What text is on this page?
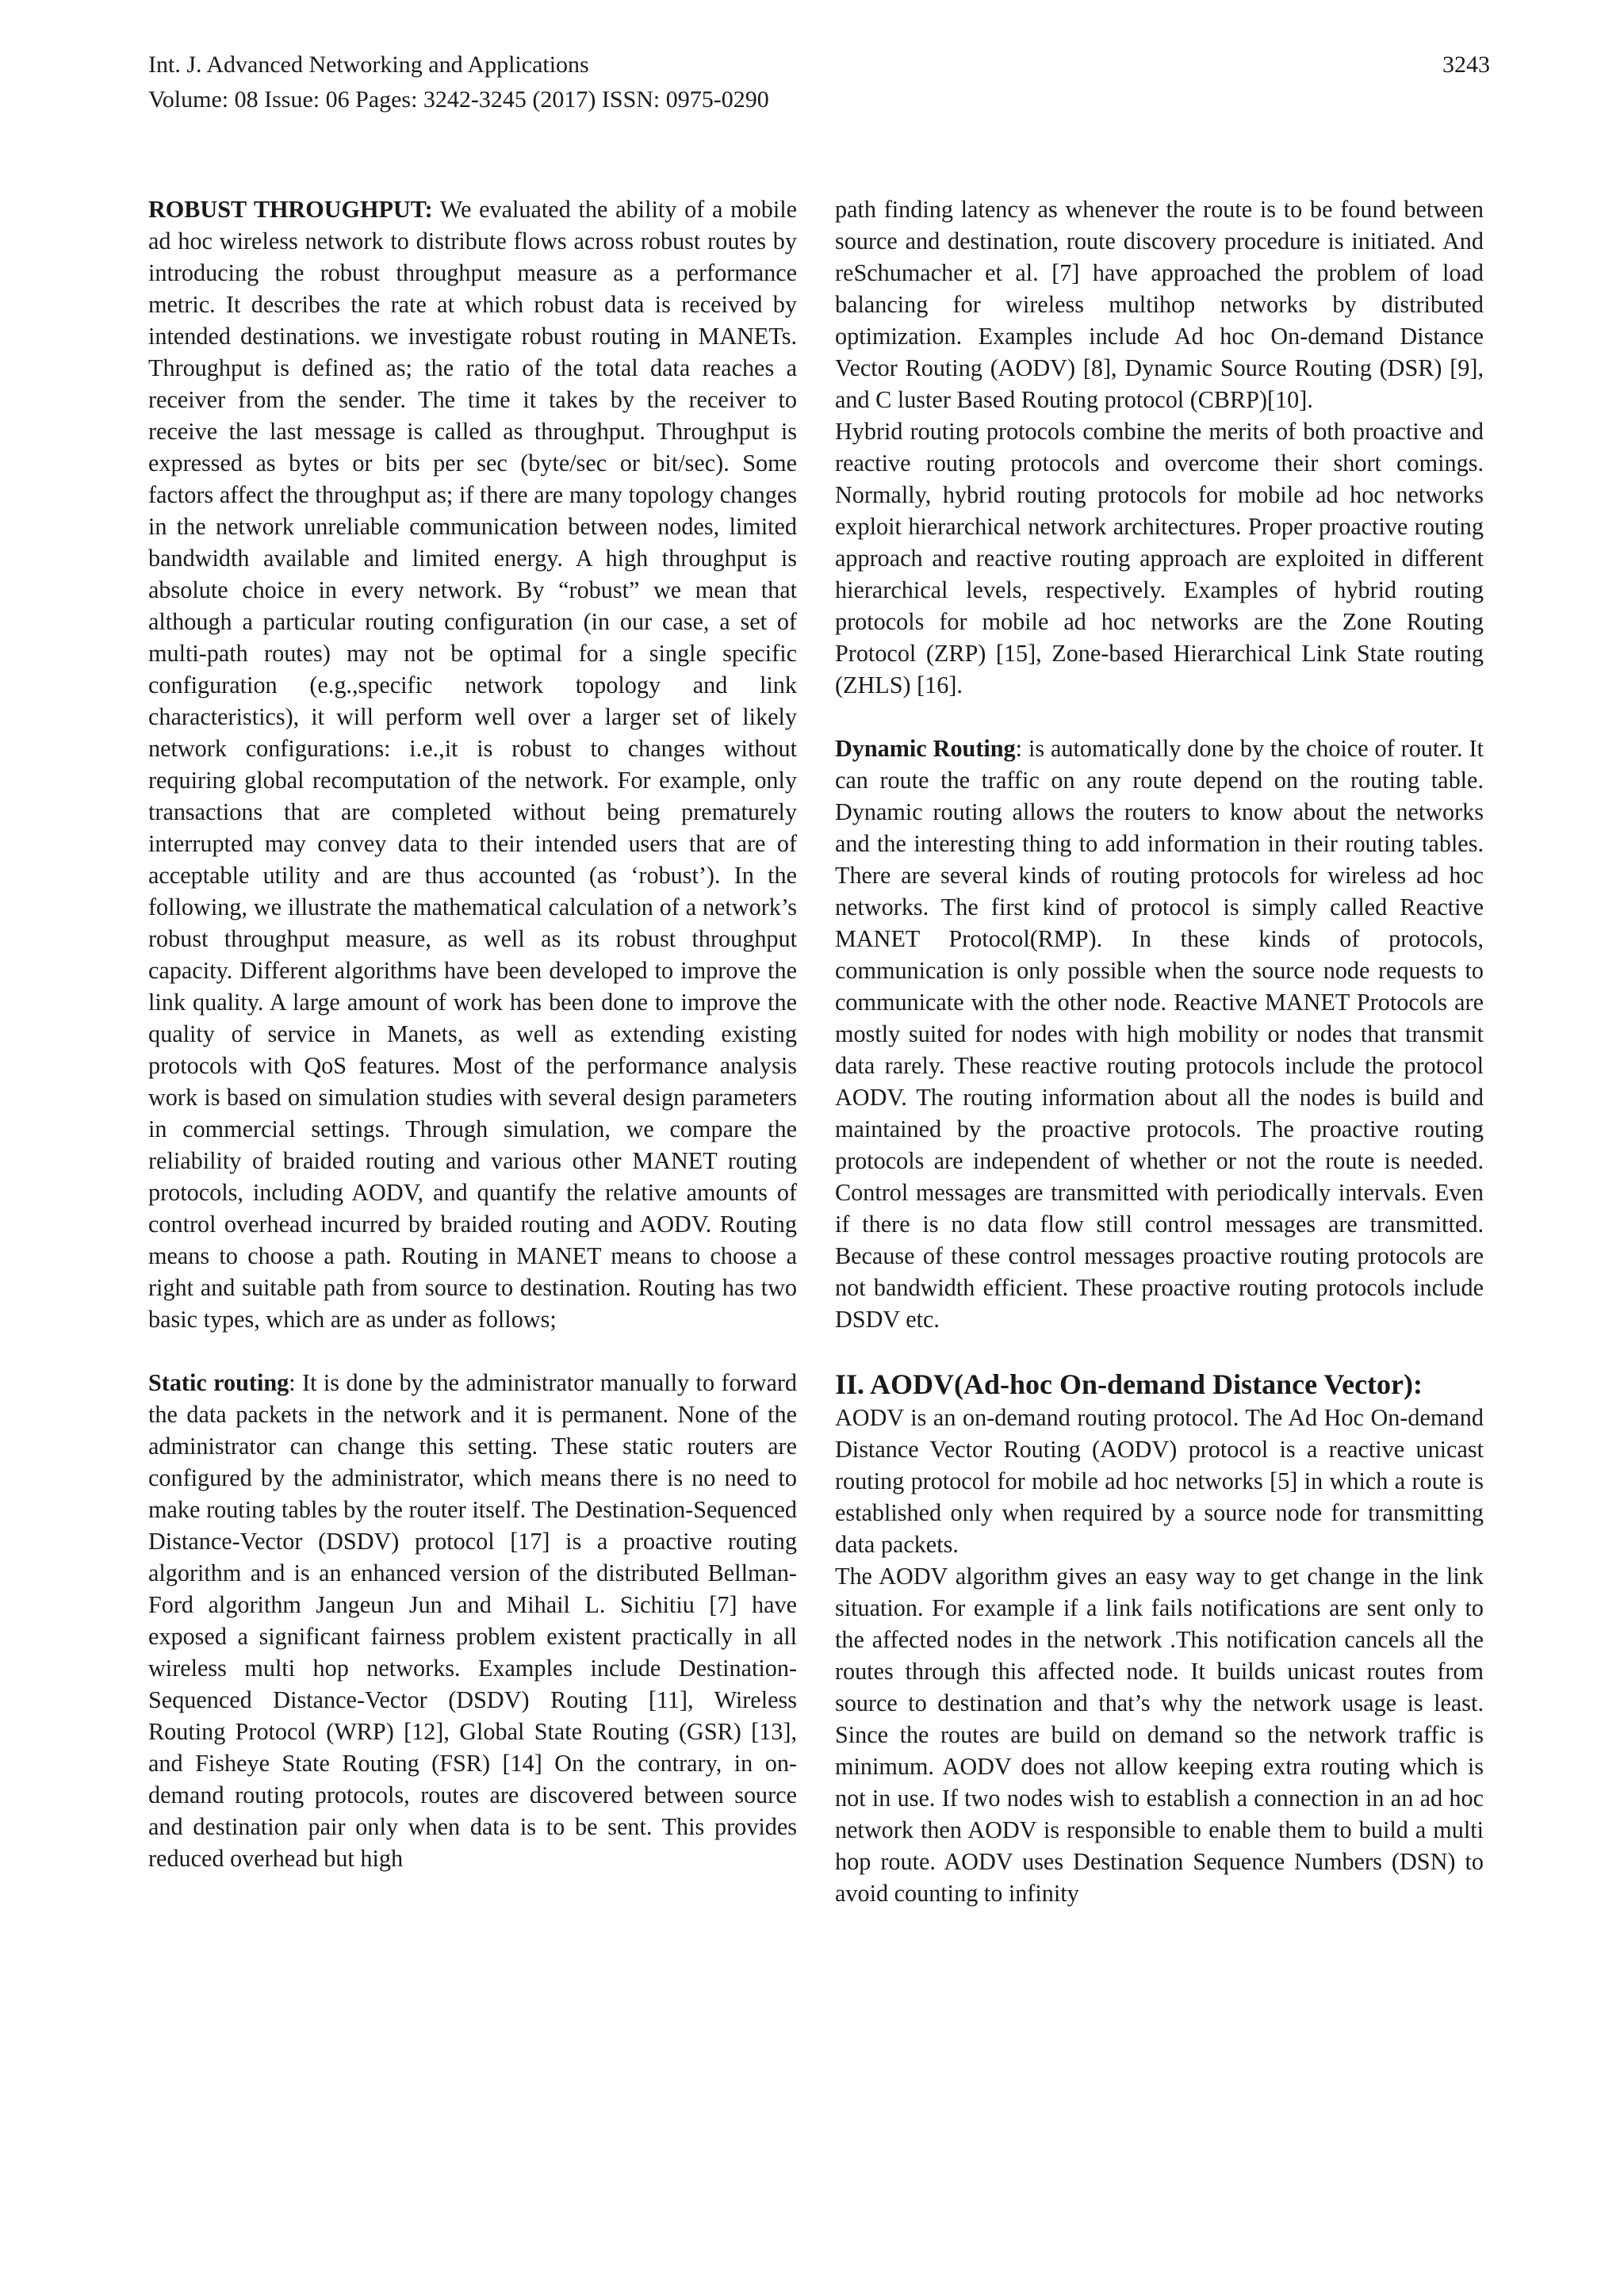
Int. J. Advanced Networking and Applications	3243
Volume: 08 Issue: 06 Pages: 3242-3245 (2017) ISSN: 0975-0290

ROBUST THROUGHPUT: We evaluated the ability of a mobile ad hoc wireless network to distribute flows across robust routes by introducing the robust throughput measure as a performance metric. It describes the rate at which robust data is received by intended destinations. we investigate robust routing in MANETs. Throughput is defined as; the ratio of the total data reaches a receiver from the sender. The time it takes by the receiver to receive the last message is called as throughput. Throughput is expressed as bytes or bits per sec (byte/sec or bit/sec). Some factors affect the throughput as; if there are many topology changes in the network unreliable communication between nodes, limited bandwidth available and limited energy. A high throughput is absolute choice in every network. By “robust” we mean that although a particular routing configuration (in our case, a set of multi-path routes) may not be optimal for a single specific configuration (e.g.,specific network topology and link characteristics), it will perform well over a larger set of likely network configurations: i.e.,it is robust to changes without requiring global recomputation of the network. For example, only transactions that are completed without being prematurely interrupted may convey data to their intended users that are of acceptable utility and are thus accounted (as ‘robust’). In the following, we illustrate the mathematical calculation of a network’s robust throughput measure, as well as its robust throughput capacity. Different algorithms have been developed to improve the link quality. A large amount of work has been done to improve the quality of service in Manets, as well as extending existing protocols with QoS features. Most of the performance analysis work is based on simulation studies with several design parameters in commercial settings. Through simulation, we compare the reliability of braided routing and various other MANET routing protocols, including AODV, and quantify the relative amounts of control overhead incurred by braided routing and AODV. Routing means to choose a path. Routing in MANET means to choose a right and suitable path from source to destination. Routing has two basic types, which are as under as follows;

Static routing: It is done by the administrator manually to forward the data packets in the network and it is permanent. None of the administrator can change this setting. These static routers are configured by the administrator, which means there is no need to make routing tables by the router itself. The Destination-Sequenced Distance-Vector (DSDV) protocol [17] is a proactive routing algorithm and is an enhanced version of the distributed Bellman-Ford algorithm Jangeun Jun and Mihail L. Sichitiu [7] have exposed a significant fairness problem existent practically in all wireless multi hop networks. Examples include Destination-Sequenced Distance-Vector (DSDV) Routing [11], Wireless Routing Protocol (WRP) [12], Global State Routing (GSR) [13], and Fisheye State Routing (FSR) [14] On the contrary, in on-demand routing protocols, routes are discovered between source and destination pair only when data is to be sent. This provides reduced overhead but high

path finding latency as whenever the route is to be found between source and destination, route discovery procedure is initiated. And reSchumacher et al. [7] have approached the problem of load balancing for wireless multihop networks by distributed optimization. Examples include Ad hoc On-demand Distance Vector Routing (AODV) [8], Dynamic Source Routing (DSR) [9], and C luster Based Routing protocol (CBRP)[10].

Hybrid routing protocols combine the merits of both proactive and reactive routing protocols and overcome their short comings. Normally, hybrid routing protocols for mobile ad hoc networks exploit hierarchical network architectures. Proper proactive routing approach and reactive routing approach are exploited in different hierarchical levels, respectively. Examples of hybrid routing protocols for mobile ad hoc networks are the Zone Routing Protocol (ZRP) [15], Zone-based Hierarchical Link State routing (ZHLS) [16].

Dynamic Routing: is automatically done by the choice of router. It can route the traffic on any route depend on the routing table. Dynamic routing allows the routers to know about the networks and the interesting thing to add information in their routing tables. There are several kinds of routing protocols for wireless ad hoc networks. The first kind of protocol is simply called Reactive MANET Protocol(RMP). In these kinds of protocols, communication is only possible when the source node requests to communicate with the other node. Reactive MANET Protocols are mostly suited for nodes with high mobility or nodes that transmit data rarely. These reactive routing protocols include the protocol AODV. The routing information about all the nodes is build and maintained by the proactive protocols. The proactive routing protocols are independent of whether or not the route is needed. Control messages are transmitted with periodically intervals. Even if there is no data flow still control messages are transmitted. Because of these control messages proactive routing protocols are not bandwidth efficient. These proactive routing protocols include DSDV etc.

II. AODV(Ad-hoc On-demand Distance Vector):

AODV is an on-demand routing protocol. The Ad Hoc On-demand Distance Vector Routing (AODV) protocol is a reactive unicast routing protocol for mobile ad hoc networks [5] in which a route is established only when required by a source node for transmitting data packets.

The AODV algorithm gives an easy way to get change in the link situation. For example if a link fails notifications are sent only to the affected nodes in the network .This notification cancels all the routes through this affected node. It builds unicast routes from source to destination and that’s why the network usage is least. Since the routes are build on demand so the network traffic is minimum. AODV does not allow keeping extra routing which is not in use. If two nodes wish to establish a connection in an ad hoc network then AODV is responsible to enable them to build a multi hop route. AODV uses Destination Sequence Numbers (DSN) to avoid counting to infinity
